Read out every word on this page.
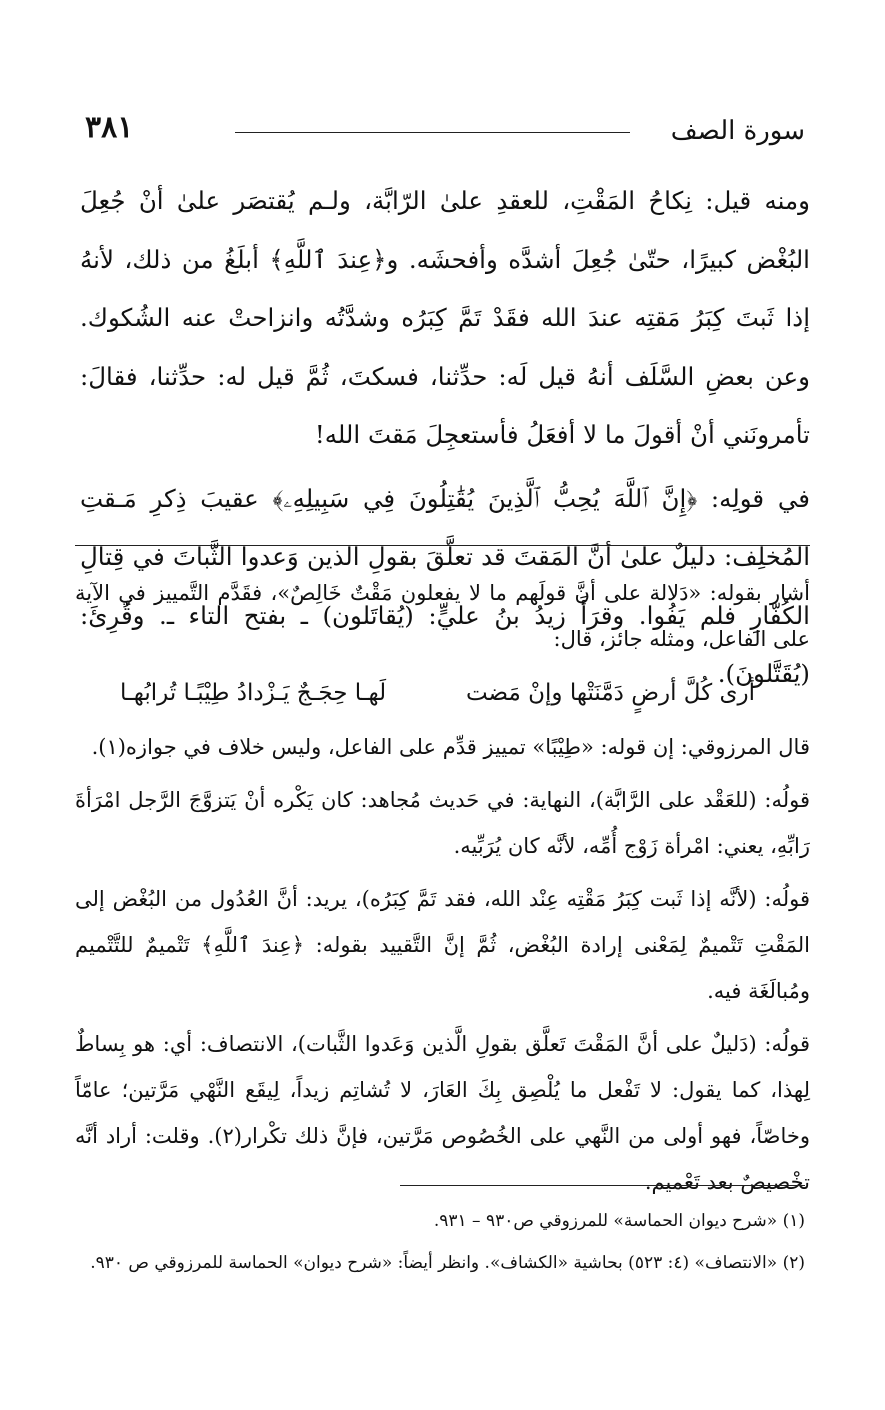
سورة الصف
٣٨١

ومنه قيل: نِكاحُ المَقْتِ، للعقدِ علىٰ الرّابَّة، ولـم يُقتصَر علىٰ أنْ جُعِلَ البُغْض كبيرًا، حتّىٰ جُعِلَ أشدَّه وأفحشَه. و﴿عِندَ ٱللَّهِ﴾ أبلَغُ من ذلك، لأنهُ إذا ثَبتَ كِبَرُ مَقتِه عندَ الله فقَدْ تَمَّ كِبَرُه وشدَّتُه وانزاحتْ عنه الشُكوك. وعن بعضِ السَّلَف أنهُ قيل لَه: حدِّثنا، فسكتَ، ثُمَّ قيل له: حدِّثنا، فقالَ: تأمرونَني أنْ أقولَ ما لا أفعَلُ فأستعجِلَ مَقتَ الله!

في قولِه: ﴿إِنَّ ٱللَّهَ يُحِبُّ ٱلَّذِينَ يُقَٰتِلُونَ فِي سَبِيلِهِۦ﴾ عقيبَ ذِكرِ مَـقتِ المُخلِف: دليلٌ علىٰ أنَّ المَقتَ قد تعلَّقَ بقولِ الذين وَعدوا الثَّباتَ في قِتالِ الكُفّارِ فلم يَفُوا. وقرَأَ زيدُ بنُ عليٍّ: (يُقاتَلون) ـ بفتح التاء ـ. وقُرِئَ: (يُقَتَّلونَ).

أشار بقوله: «دَلالة على أنَّ قولَهم ما لا يفعلون مَقْتٌ خَالِصٌ»، فقَدَّم التَّمييز في الآية على الفاعل، ومثله جائز، قال:

أرى كُلَّ أرضٍ دَمَّنَتْها وإنْ مَضت
لَهـا حِجَـجٌ يَـزْدادُ طِيْبًـا تُرابُهـا

قال المرزوقي: إن قوله: «طِيْبًا» تمييز قدِّم على الفاعل، وليس خلاف في جوازه(١).

قولُه: (للعَقْد على الرَّابَّة)، النهاية: في حَديث مُجاهد: كان يَكْره أنْ يَتزوَّجَ الرَّجل امْرَأةَ رَابِّهِ، يعني: امْرأة زَوْج أُمِّه، لأنَّه كان يُرَبِّيه.

قولُه: (لأنَّه إذا ثَبت كِبَرُ مَقْتِه عِنْد الله، فقد تَمَّ كِبَرُه)، يريد: أنَّ العُدُول من البُغْض إلى المَقْتِ تَتْميمٌ لِمَعْنى إرادة البُغْض، ثُمَّ إنَّ التَّقييد بقوله: ﴿عِندَ ٱللَّهِ﴾ تَتْميمٌ للتَّتْميم ومُبالَغَة فيه.

قولُه: (دَليلٌ على أنَّ المَقْتَ تَعلَّق بقولِ الَّذين وَعَدوا الثَّبات)، الانتصاف: أي: هو بِساطٌ لِهذا، كما يقول: لا تَفْعل ما يُلْصِق بِكَ العَارَ، لا تُشاتِم زيداً، لِيقَع النَّهْي مَرَّتين؛ عامّاً وخاصّاً، فهو أولى من النَّهي على الخُصُوص مَرَّتين، فإنَّ ذلك تكْرار(٢). وقلت: أراد أنَّه تخْصيصٌ بعد تَعْميم.

(١) «شرح ديوان الحماسة» للمرزوقي ص٩٣٠ – ٩٣١.

(٢) «الانتصاف» (٤: ٥٢٣) بحاشية «الكشاف». وانظر أيضاً: «شرح ديوان» الحماسة للمرزوقي ص ٩٣٠.
